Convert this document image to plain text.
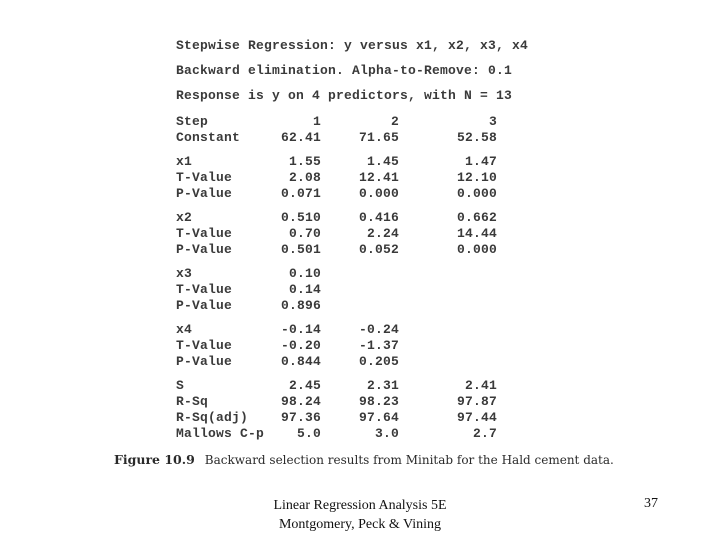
Stepwise Regression: y versus x1, x2, x3, x4
Backward elimination. Alpha-to-Remove: 0.1
Response is y on 4 predictors, with N = 13
Step	1	2	3
Constant	62.41	71.65	52.58
x1	1.55	1.45	1.47
T-Value	2.08	12.41	12.10
P-Value	0.071	0.000	0.000
x2	0.510	0.416	0.662
T-Value	0.70	2.24	14.44
P-Value	0.501	0.052	0.000
x3	0.10
T-Value	0.14
P-Value	0.896
x4	-0.14	-0.24
T-Value	-0.20	-1.37
P-Value	0.844	0.205
S	2.45	2.31	2.41
R-Sq	98.24	98.23	97.87
R-Sq(adj)	97.36	97.64	97.44
Mallows C-p	5.0	3.0	2.7
Figure 10.9 Backward selection results from Minitab for the Hald cement data.
Linear Regression Analysis 5E
Montgomery, Peck & Vining
37
